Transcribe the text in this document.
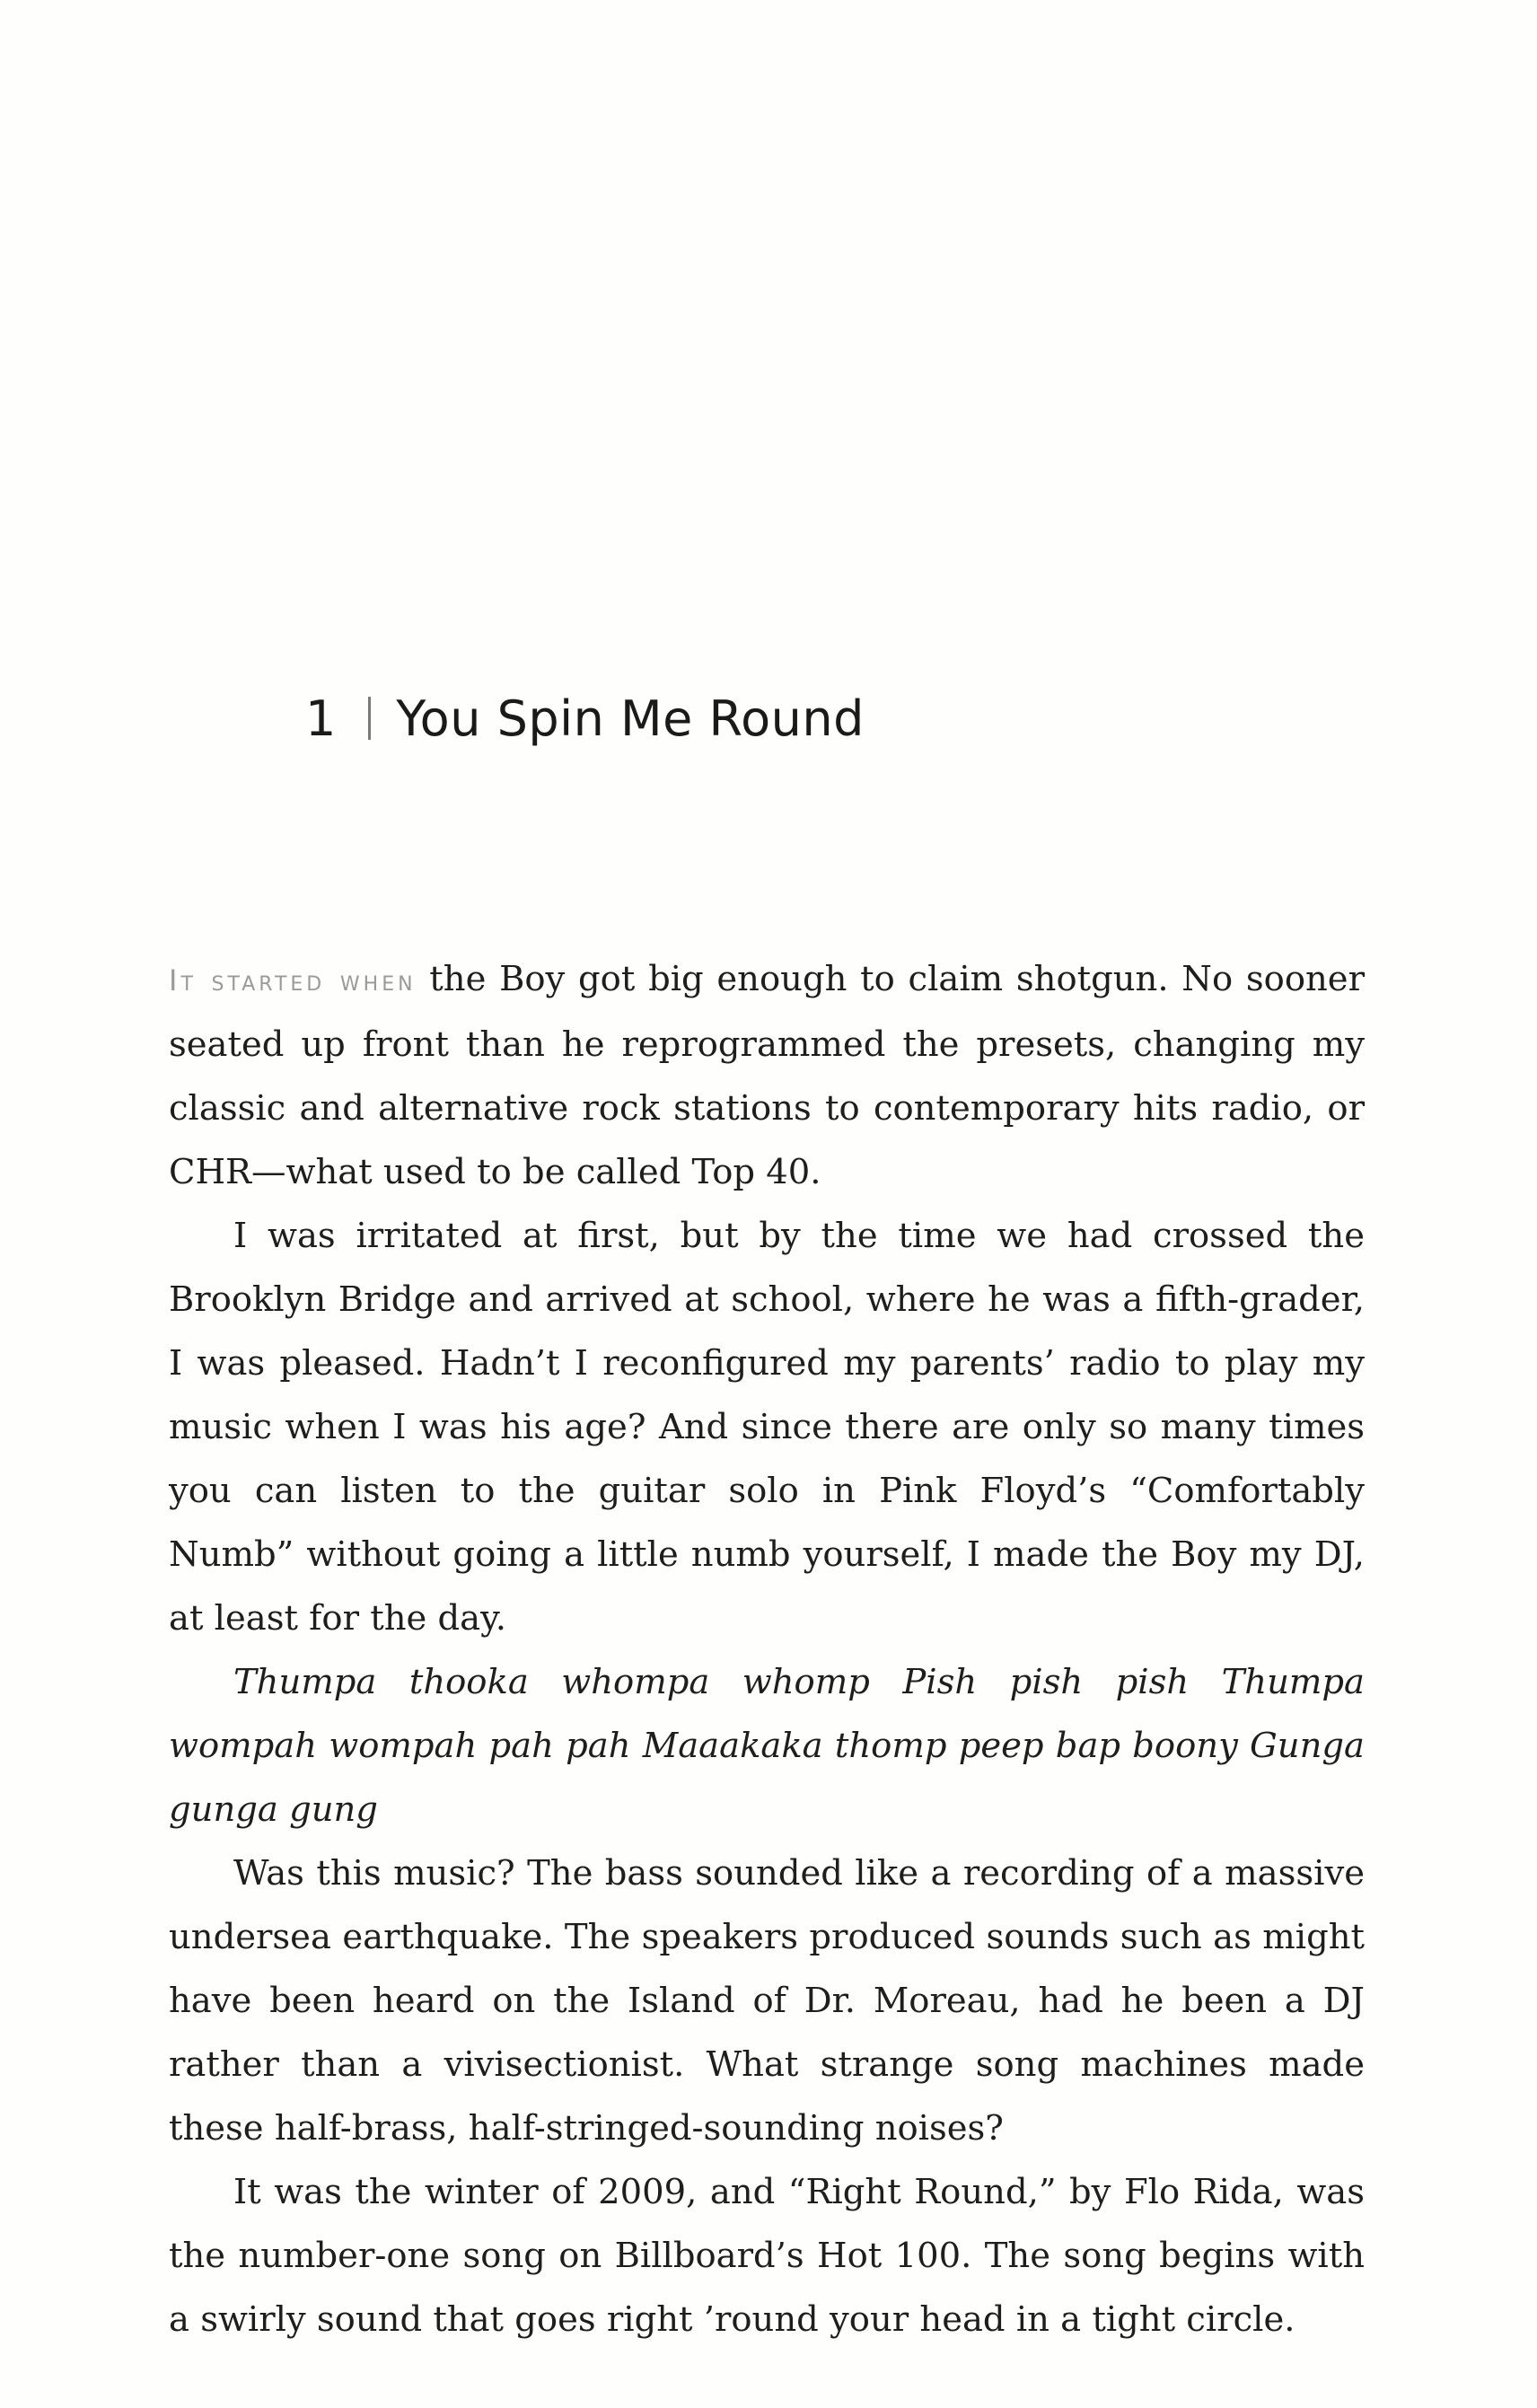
1 You Spin Me Round

It started when the Boy got big enough to claim shotgun. No sooner seated up front than he reprogrammed the presets, changing my classic and alternative rock stations to contemporary hits radio, or CHR—what used to be called Top 40.

I was irritated at first, but by the time we had crossed the Brooklyn Bridge and arrived at school, where he was a fifth-grader, I was pleased. Hadn’t I reconfigured my parents’ radio to play my music when I was his age? And since there are only so many times you can listen to the guitar solo in Pink Floyd’s “Comfortably Numb” without going a little numb yourself, I made the Boy my DJ, at least for the day.

Thumpa thooka whompa whomp Pish pish pish Thumpa wompah wompah pah pah Maaakaka thomp peep bap boony Gunga gunga gung

Was this music? The bass sounded like a recording of a massive undersea earthquake. The speakers produced sounds such as might have been heard on the Island of Dr. Moreau, had he been a DJ rather than a vivisectionist. What strange song machines made these half-brass, half-stringed-sounding noises?

It was the winter of 2009, and “Right Round,” by Flo Rida, was the number-one song on Billboard’s Hot 100. The song begins with a swirly sound that goes right ’round your head in a tight circle.
